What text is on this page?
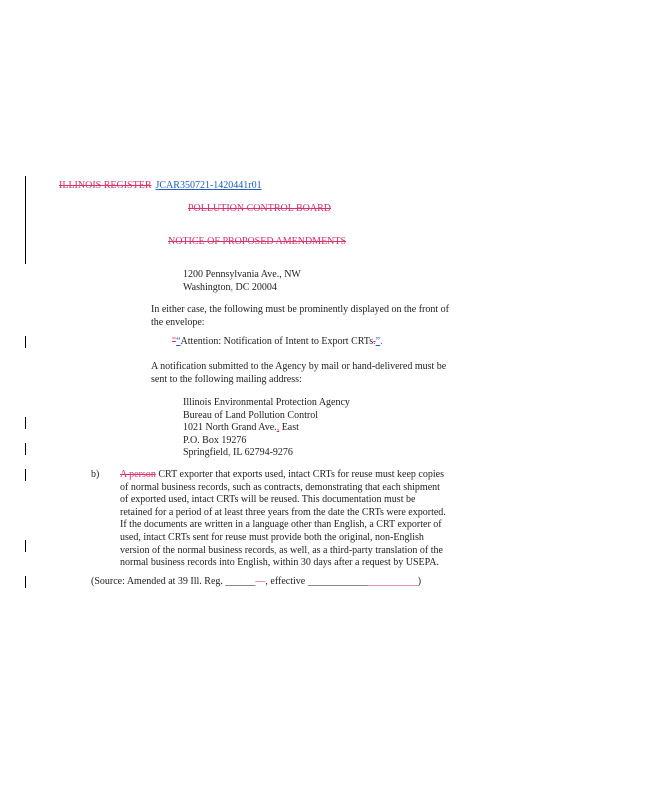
ILLINOIS REGISTER JCAR350721-1420441r01
POLLUTION CONTROL BOARD
NOTICE OF PROPOSED AMENDMENTS
1200 Pennsylvania Ave., NW
Washington, DC 20004
In either case, the following must be prominently displayed on the front of
the envelope:
"“Attention: Notification of Intent to Export CRTs.”.
A notification submitted to the Agency by mail or hand-delivered must be
sent to the following mailing address:
Illinois Environmental Protection Agency
Bureau of Land Pollution Control
1021 North Grand Ave., East
P.O. Box 19276
Springfield, IL 62794-9276
b) A person CRT exporter that exports used, intact CRTs for reuse must keep copies
of normal business records, such as contracts, demonstrating that each shipment
of exported used, intact CRTs will be reused. This documentation must be
retained for a period of at least three years from the date the CRTs were exported.
If the documents are written in a language other than English, a CRT exporter of
used, intact CRTs sent for reuse must provide both the original, non-English
version of the normal business records, as well, as a third-party translation of the
normal business records into English, within 30 days after a request by USEPA.
(Source: Amended at 39 Ill. Reg. ______—, effective ______________________)
